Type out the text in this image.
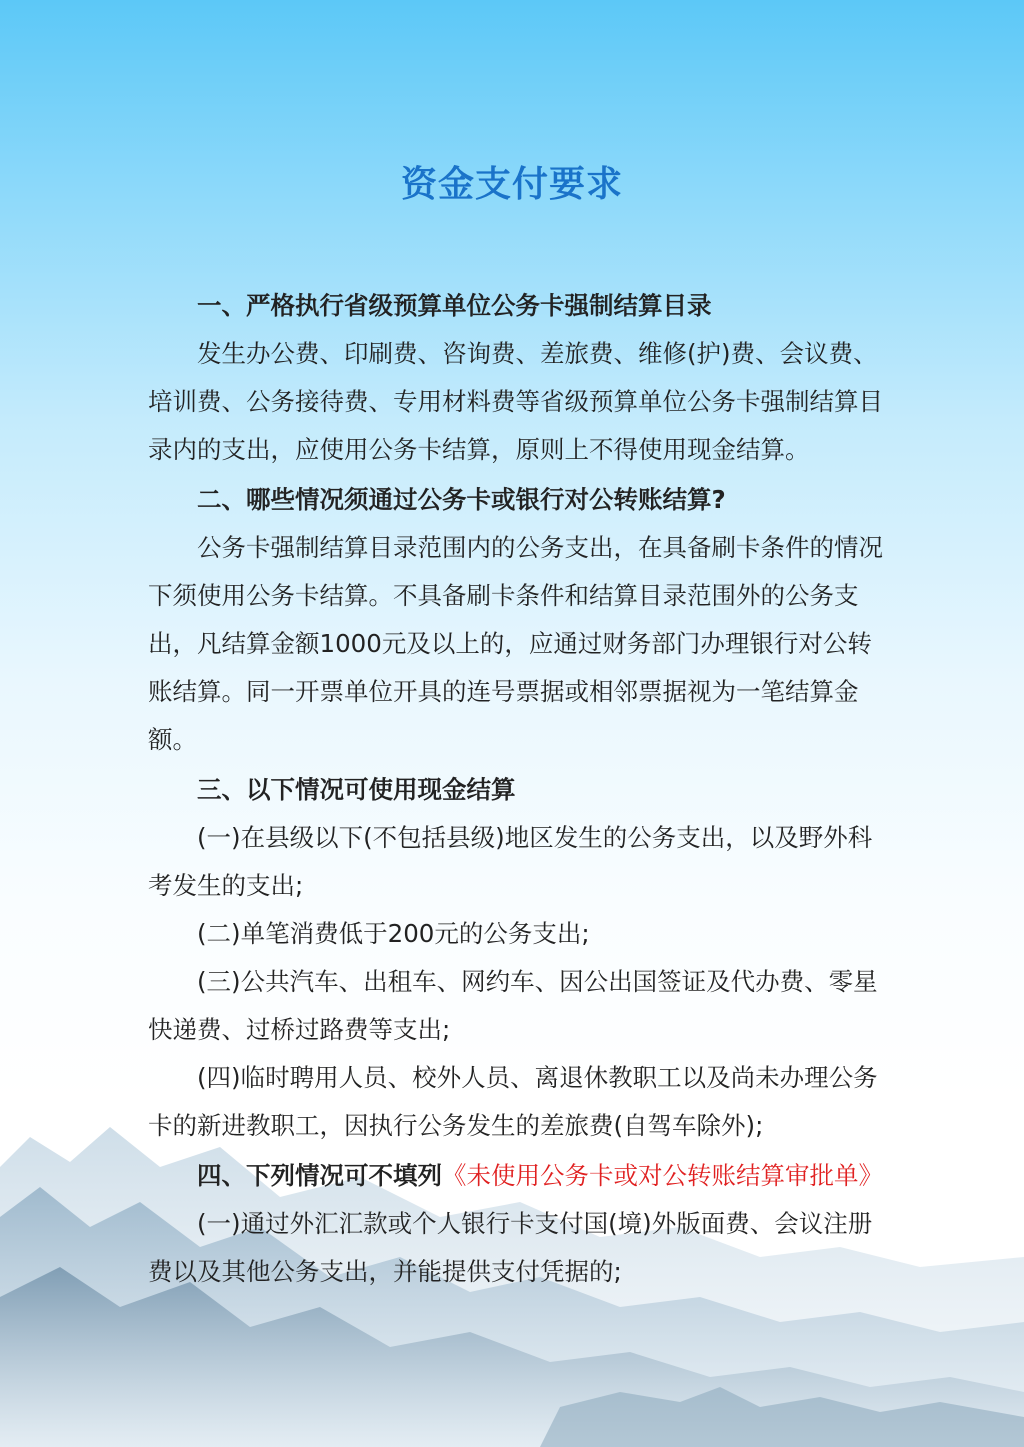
资金支付要求

一、严格执行省级预算单位公务卡强制结算目录

发生办公费、印刷费、咨询费、差旅费、维修(护)费、会议费、培训费、公务接待费、专用材料费等省级预算单位公务卡强制结算目录内的支出，应使用公务卡结算，原则上不得使用现金结算。

二、哪些情况须通过公务卡或银行对公转账结算?

公务卡强制结算目录范围内的公务支出，在具备刷卡条件的情况下须使用公务卡结算。不具备刷卡条件和结算目录范围外的公务支出，凡结算金额1000元及以上的，应通过财务部门办理银行对公转账结算。同一开票单位开具的连号票据或相邻票据视为一笔结算金额。

三、以下情况可使用现金结算

(一)在县级以下(不包括县级)地区发生的公务支出，以及野外科考发生的支出;

(二)单笔消费低于200元的公务支出;

(三)公共汽车、出租车、网约车、因公出国签证及代办费、零星快递费、过桥过路费等支出;

(四)临时聘用人员、校外人员、离退休教职工以及尚未办理公务卡的新进教职工，因执行公务发生的差旅费(自驾车除外);

四、下列情况可不填列《未使用公务卡或对公转账结算审批单》

(一)通过外汇汇款或个人银行卡支付国(境)外版面费、会议注册费以及其他公务支出，并能提供支付凭据的;
